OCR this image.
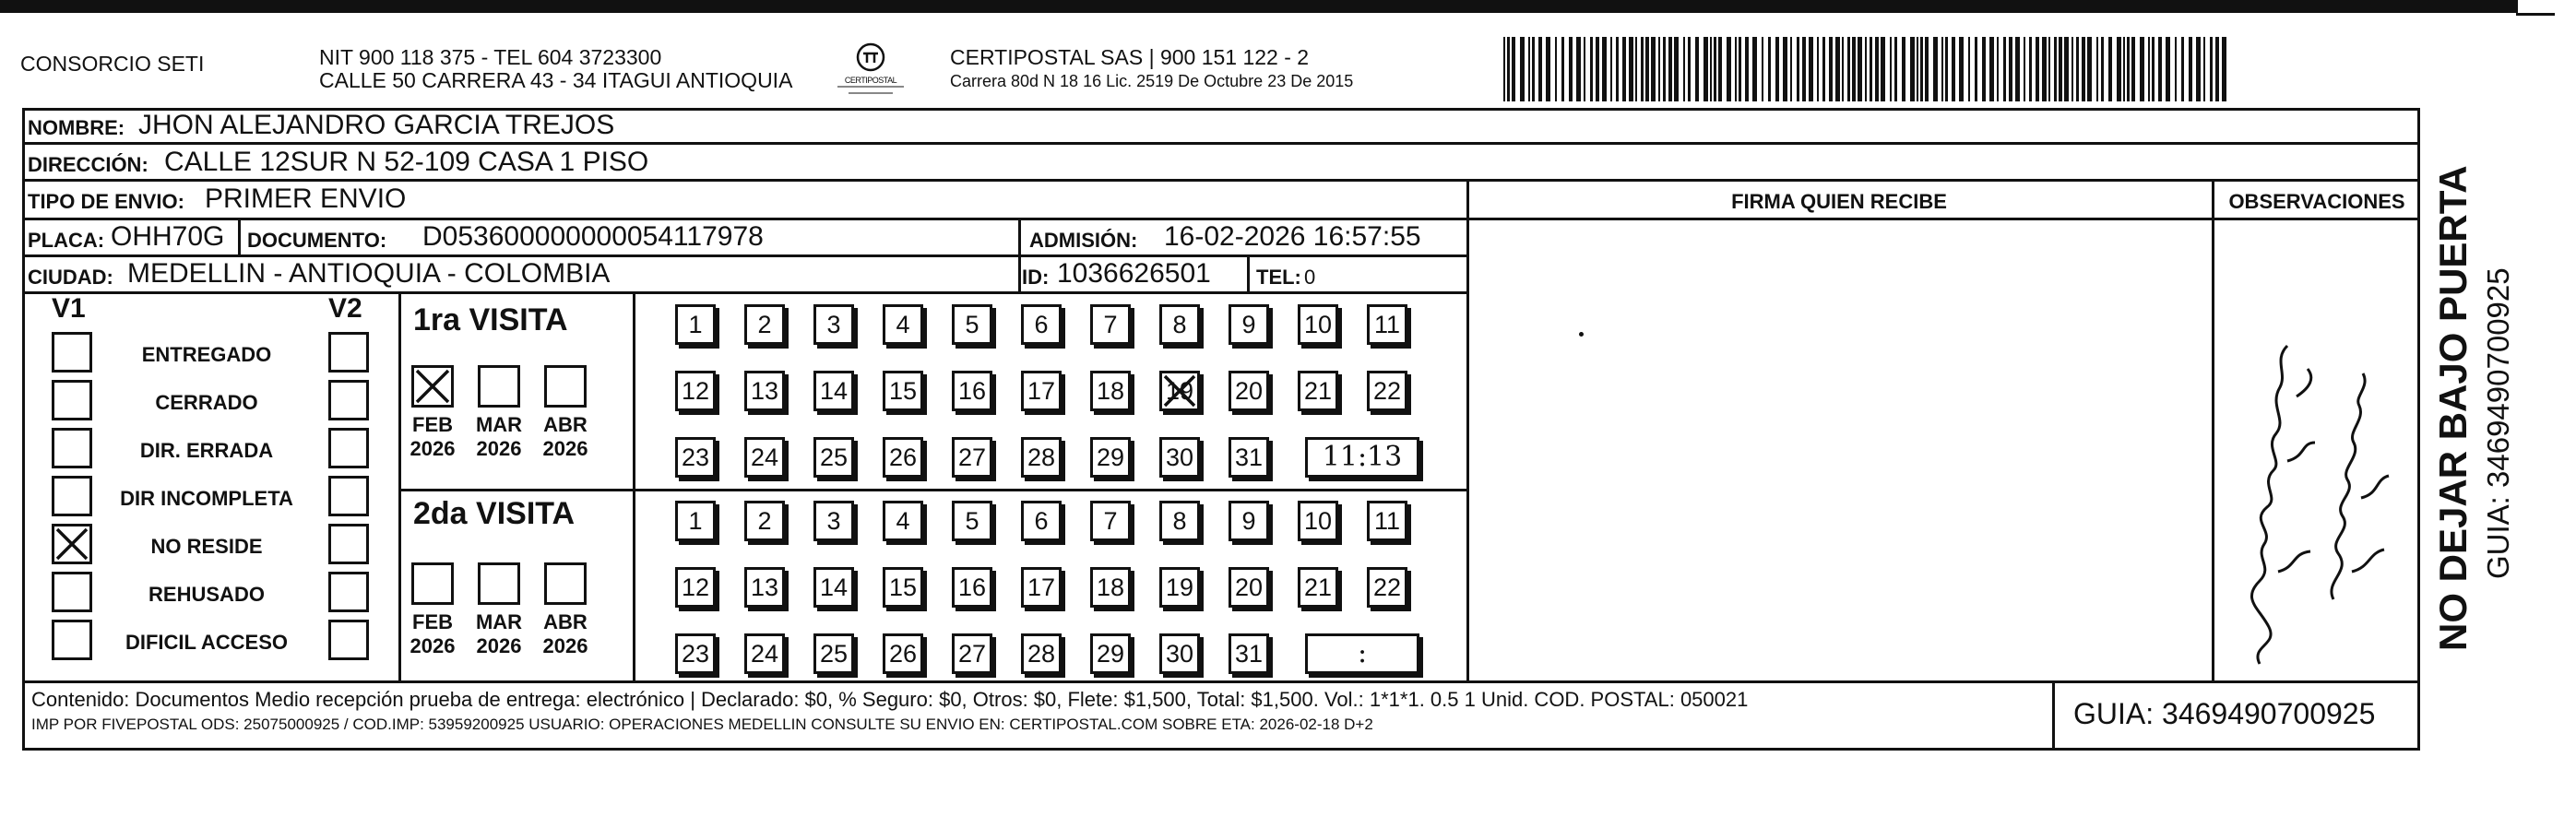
CONSORCIO SETI	NIT 900 118 375 - TEL 604 3723300
CALLE 50 CARRERA 43 - 34 ITAGUI ANTIOQUIA	CERTIPOSTAL
CERTIPOSTAL SAS | 900 151 122 - 2
Carrera 80d N 18 16 Lic. 2519 De Octubre 23 De 2015
NOMBRE: JHON ALEJANDRO GARCIA TREJOS
DIRECCIÓN: CALLE 12SUR N 52-109 CASA 1 PISO
TIPO DE ENVIO: PRIMER ENVIO	FIRMA QUIEN RECIBE	OBSERVACIONES
PLACA: OHH70G DOCUMENTO: D053600000000054117978	ADMISIÓN: 16-02-2026 16:57:55
CIUDAD: MEDELLIN - ANTIOQUIA - COLOMBIA	ID: 1036626501 TEL: 0
V1	V2 1ra VISITA
2da VISITA
Contenido: Documentos Medio recepción prueba de entrega: electrónico | Declarado: $0, % Seguro: $0, Otros: $0, Flete: $1,500, Total: $1,500. Vol.: 1*1*1. 0.5 1 Unid. COD. POSTAL: 050021
IMP POR FIVEPOSTAL ODS: 25075000925 / COD.IMP: 53959200925 USUARIO: OPERACIONES MEDELLIN CONSULTE SU ENVIO EN: CERTIPOSTAL.COM SOBRE ETA: 2026-02-18 D+2	GUIA: 3469490700925
NO DEJAR BAJO PUERTA GUIA: 3469490700925
ENTREGADO
CERRADO
DIR. ERRADA
DIR INCOMPLETA
NO RESIDE
REHUSADO
DIFICIL ACCESO
FEB
2026
MAR
2026
ABR
2026
FEB
2026
MAR
2026
ABR
2026
1	2	3	4	5	6	7	8	9	10 11
12 13 14 15 16 17 18 19 20 21 22
23 24 25 26 27 28 29 30 31	11:13
1	2	3	4	5	6	7	8	9	10 11
12 13 14 15 16 17 18 19 20 21 22
23 24 25 26 27 28 29 30 31	:
